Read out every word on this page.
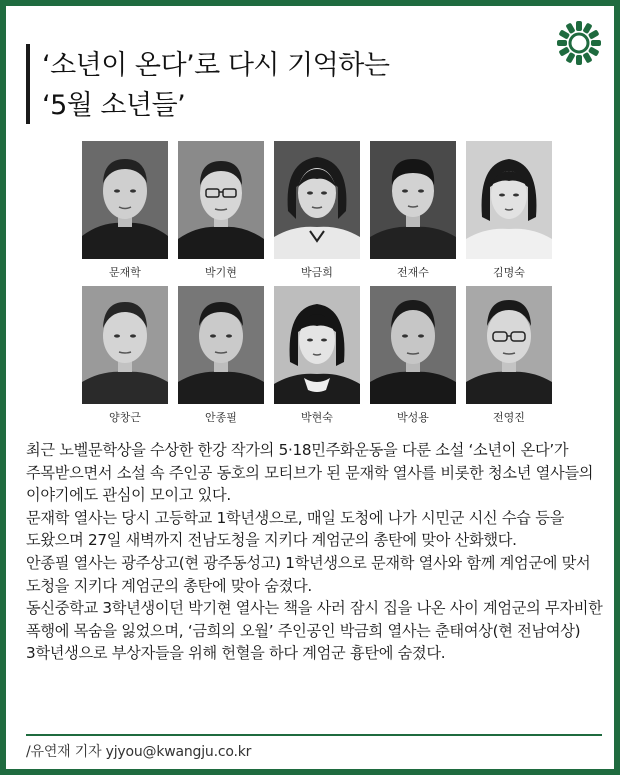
‘소년이 온다’로 다시 기억하는
‘5월 소년들’
문재학	박기현	박금희	전재수	김명숙
양창근	안종필	박현숙	박성용	전영진

최근 노벨문학상을 수상한 한강 작가의 5·18민주화운동을 다룬 소설 ‘소년이 온다’가 주목받으면서 소설 속 주인공 동호의 모티브가 된 문재학 열사를 비롯한 청소년 열사들의 이야기에도 관심이 모이고 있다.

문재학 열사는 당시 고등학교 1학년생으로, 매일 도청에 나가 시민군 시신 수습 등을 도왔으며 27일 새벽까지 전남도청을 지키다 계엄군의 총탄에 맞아 산화했다.

안종필 열사는 광주상고(현 광주동성고) 1학년생으로 문재학 열사와 함께 계엄군에 맞서 도청을 지키다 계엄군의 총탄에 맞아 숨졌다.

동신중학교 3학년생이던 박기현 열사는 책을 사러 잠시 집을 나온 사이 계엄군의 무자비한 폭행에 목숨을 잃었으며, ‘금희의 오월’ 주인공인 박금희 열사는 춘태여상(현 전남여상) 3학년생으로 부상자들을 위해 헌혈을 하다 계엄군 흉탄에 숨졌다.

/유연재 기자 yjyou@kwangju.co.kr
